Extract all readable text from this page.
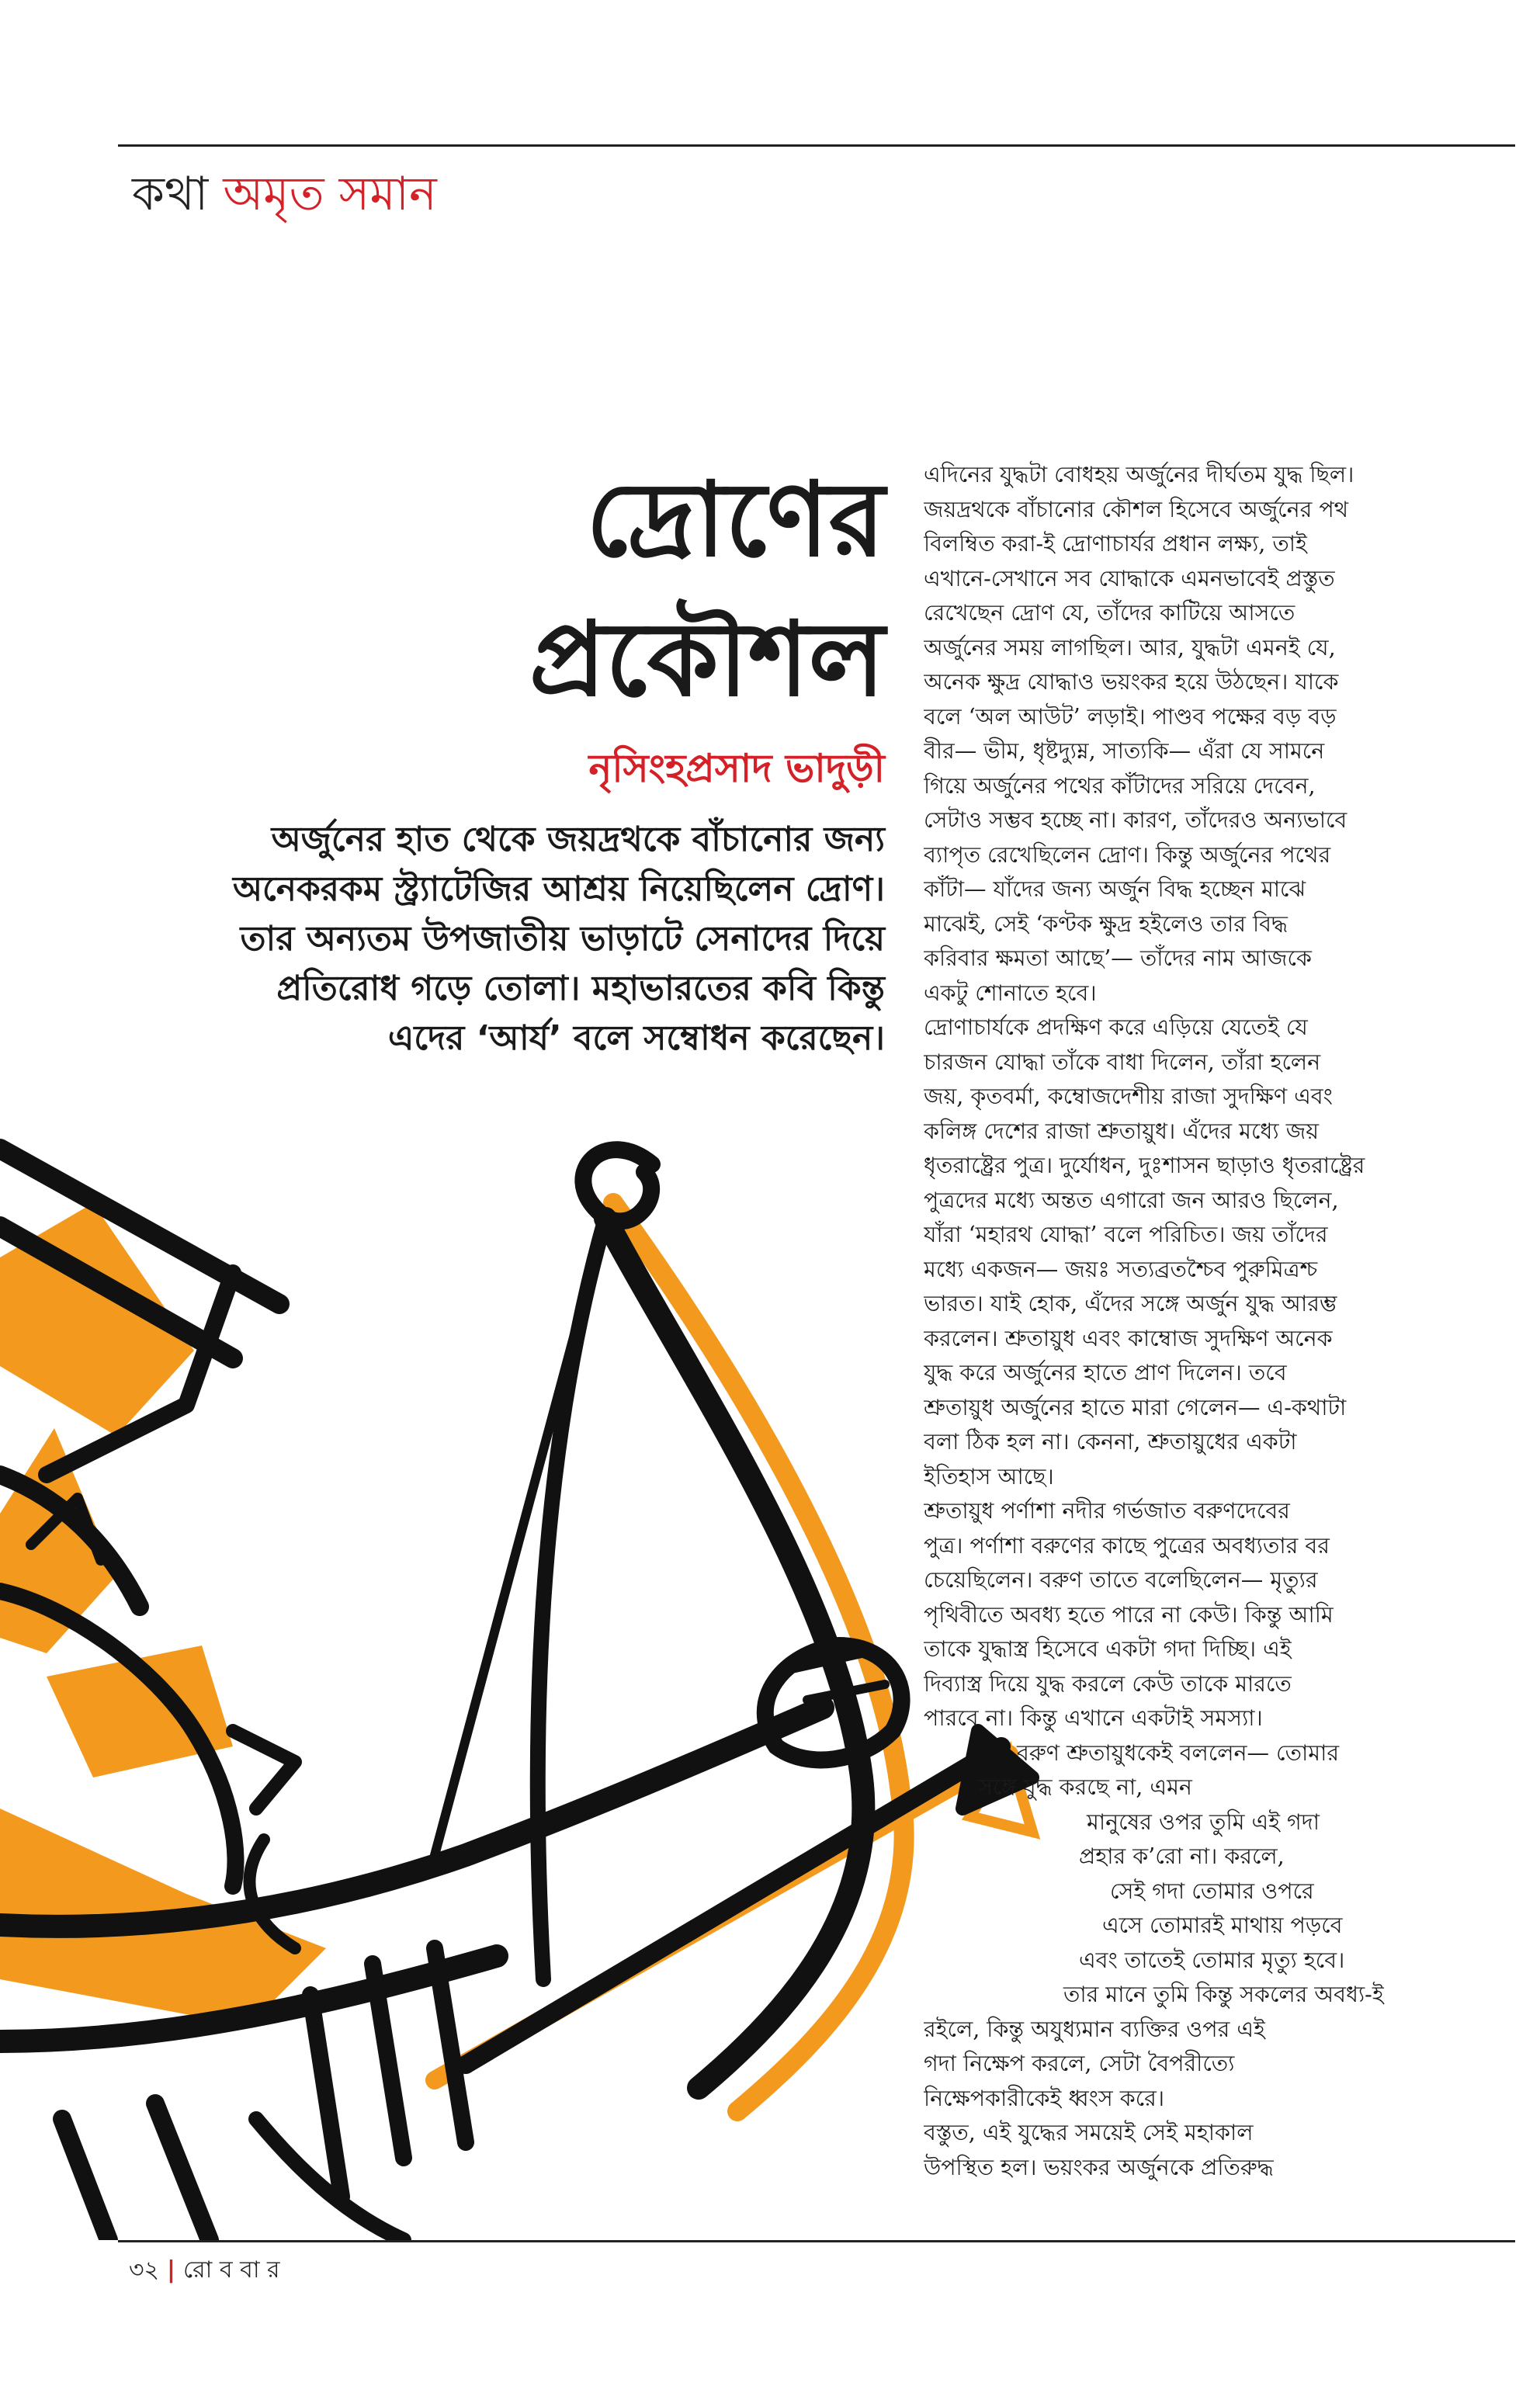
কথা অমৃত সমান
দ্রোণের
প্রকৌশল
নৃসিংহপ্রসাদ ভাদুড়ী
অর্জুনের হাত থেকে জয়দ্রথকে বাঁচানোর জন্য
অনেকরকম স্ট্র্যাটেজির আশ্রয় নিয়েছিলেন দ্রোণ।
তার অন্যতম উপজাতীয় ভাড়াটে সেনাদের দিয়ে
প্রতিরোধ গড়ে তোলা। মহাভারতের কবি কিন্তু
এদের ‘আর্য’ বলে সম্বোধন করেছেন।
এদিনের যুদ্ধটা বোধহয় অর্জুনের দীর্ঘতম যুদ্ধ ছিল।
জয়দ্রথকে বাঁচানোর কৌশল হিসেবে অর্জুনের পথ
বিলম্বিত করা-ই দ্রোণাচার্যর প্রধান লক্ষ্য, তাই
এখানে-সেখানে সব যোদ্ধাকে এমনভাবেই প্রস্তুত
রেখেছেন দ্রোণ যে, তাঁদের কাটিয়ে আসতে
অর্জুনের সময় লাগছিল। আর, যুদ্ধটা এমনই যে,
অনেক ক্ষুদ্র যোদ্ধাও ভয়ংকর হয়ে উঠছেন। যাকে
বলে ‘অল আউট’ লড়াই। পাণ্ডব পক্ষের বড় বড়
বীর— ভীম, ধৃষ্টদ্যুম্ন, সাত্যকি— এঁরা যে সামনে
গিয়ে অর্জুনের পথের কাঁটাদের সরিয়ে দেবেন,
সেটাও সম্ভব হচ্ছে না। কারণ, তাঁদেরও অন্যভাবে
ব্যাপৃত রেখেছিলেন দ্রোণ। কিন্তু অর্জুনের পথের
কাঁটা— যাঁদের জন্য অর্জুন বিদ্ধ হচ্ছেন মাঝে
মাঝেই, সেই ‘কণ্টক ক্ষুদ্র হইলেও তার বিদ্ধ
করিবার ক্ষমতা আছে’— তাঁদের নাম আজকে
একটু শোনাতে হবে।
দ্রোণাচার্যকে প্রদক্ষিণ করে এড়িয়ে যেতেই যে
চারজন যোদ্ধা তাঁকে বাধা দিলেন, তাঁরা হলেন
জয়, কৃতবর্মা, কম্বোজদেশীয় রাজা সুদক্ষিণ এবং
কলিঙ্গ দেশের রাজা শ্রুতায়ুধ। এঁদের মধ্যে জয়
ধৃতরাষ্ট্রের পুত্র। দুর্যোধন, দুঃশাসন ছাড়াও ধৃতরাষ্ট্রের
পুত্রদের মধ্যে অন্তত এগারো জন আরও ছিলেন,
যাঁরা ‘মহারথ যোদ্ধা’ বলে পরিচিত। জয় তাঁদের
মধ্যে একজন— জয়ঃ সত্যব্রতশ্চৈব পুরুমিত্রশ্চ
ভারত। যাই হোক, এঁদের সঙ্গে অর্জুন যুদ্ধ আরম্ভ
করলেন। শ্রুতায়ুধ এবং কাম্বোজ সুদক্ষিণ অনেক
যুদ্ধ করে অর্জুনের হাতে প্রাণ দিলেন। তবে
শ্রুতায়ুধ অর্জুনের হাতে মারা গেলেন— এ-কথাটা
বলা ঠিক হল না। কেননা, শ্রুতায়ুধের একটা
ইতিহাস আছে।
শ্রুতায়ুধ পর্ণাশা নদীর গর্ভজাত বরুণদেবের
পুত্র। পর্ণাশা বরুণের কাছে পুত্রের অবধ্যতার বর
চেয়েছিলেন। বরুণ তাতে বলেছিলেন— মৃত্যুর
পৃথিবীতে অবধ্য হতে পারে না কেউ। কিন্তু আমি
তাকে যুদ্ধাস্ত্র হিসেবে একটা গদা দিচ্ছি। এই
দিব্যাস্ত্র দিয়ে যুদ্ধ করলে কেউ তাকে মারতে
পারবে না। কিন্তু এখানে একটাই সমস্যা।
বরুণ শ্রুতায়ুধকেই বললেন— তোমার
সঙ্গে যুদ্ধ করছে না, এমন
মানুষের ওপর তুমি এই গদা
প্রহার ক’রো না। করলে,
সেই গদা তোমার ওপরে
এসে তোমারই মাথায় পড়বে
এবং তাতেই তোমার মৃত্যু হবে।
তার মানে তুমি কিন্তু সকলের অবধ্য-ই
রইলে, কিন্তু অযুধ্যমান ব্যক্তির ওপর এই
গদা নিক্ষেপ করলে, সেটা বৈপরীত্যে
নিক্ষেপকারীকেই ধ্বংস করে।
বস্তুত, এই যুদ্ধের সময়েই সেই মহাকাল
উপস্থিত হল। ভয়ংকর অর্জুনকে প্রতিরুদ্ধ
৩২ | রো ব বা র
